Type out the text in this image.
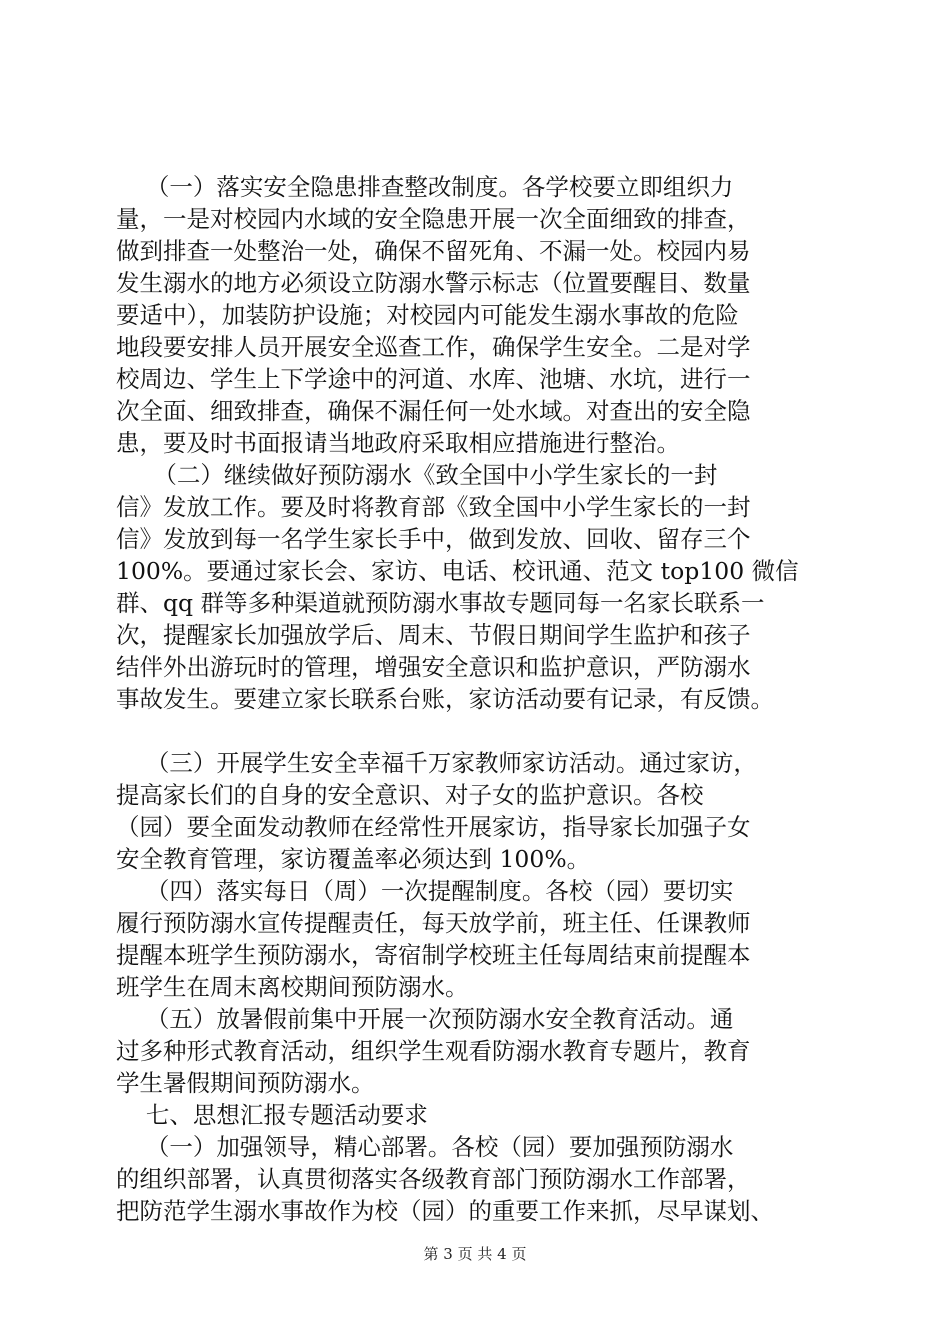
（一）落实安全隐患排查整改制度。各学校要立即组织力
量，一是对校园内水域的安全隐患开展一次全面细致的排查，
做到排查一处整治一处，确保不留死角、不漏一处。校园内易
发生溺水的地方必须设立防溺水警示标志（位置要醒目、数量
要适中），加装防护设施；对校园内可能发生溺水事故的危险
地段要安排人员开展安全巡查工作，确保学生安全。二是对学
校周边、学生上下学途中的河道、水库、池塘、水坑，进行一
次全面、细致排查，确保不漏任何一处水域。对查出的安全隐
患，要及时书面报请当地政府采取相应措施进行整治。
（二）继续做好预防溺水《致全国中小学生家长的一封
信》发放工作。要及时将教育部《致全国中小学生家长的一封
信》发放到每一名学生家长手中，做到发放、回收、留存三个
100%。要通过家长会、家访、电话、校讯通、范文 top100 微信
群、qq 群等多种渠道就预防溺水事故专题同每一名家长联系一
次，提醒家长加强放学后、周末、节假日期间学生监护和孩子
结伴外出游玩时的管理，增强安全意识和监护意识，严防溺水
事故发生。要建立家长联系台账，家访活动要有记录，有反馈。
（三）开展学生安全幸福千万家教师家访活动。通过家访，
提高家长们的自身的安全意识、对子女的监护意识。各校
（园）要全面发动教师在经常性开展家访，指导家长加强子女
安全教育管理，家访覆盖率必须达到 100%。
（四）落实每日（周）一次提醒制度。各校（园）要切实
履行预防溺水宣传提醒责任，每天放学前，班主任、任课教师
提醒本班学生预防溺水，寄宿制学校班主任每周结束前提醒本
班学生在周末离校期间预防溺水。
（五）放暑假前集中开展一次预防溺水安全教育活动。通
过多种形式教育活动，组织学生观看防溺水教育专题片，教育
学生暑假期间预防溺水。
七、思想汇报专题活动要求
（一）加强领导，精心部署。各校（园）要加强预防溺水
的组织部署，认真贯彻落实各级教育部门预防溺水工作部署，
把防范学生溺水事故作为校（园）的重要工作来抓，尽早谋划、
第 3 页 共 4 页
